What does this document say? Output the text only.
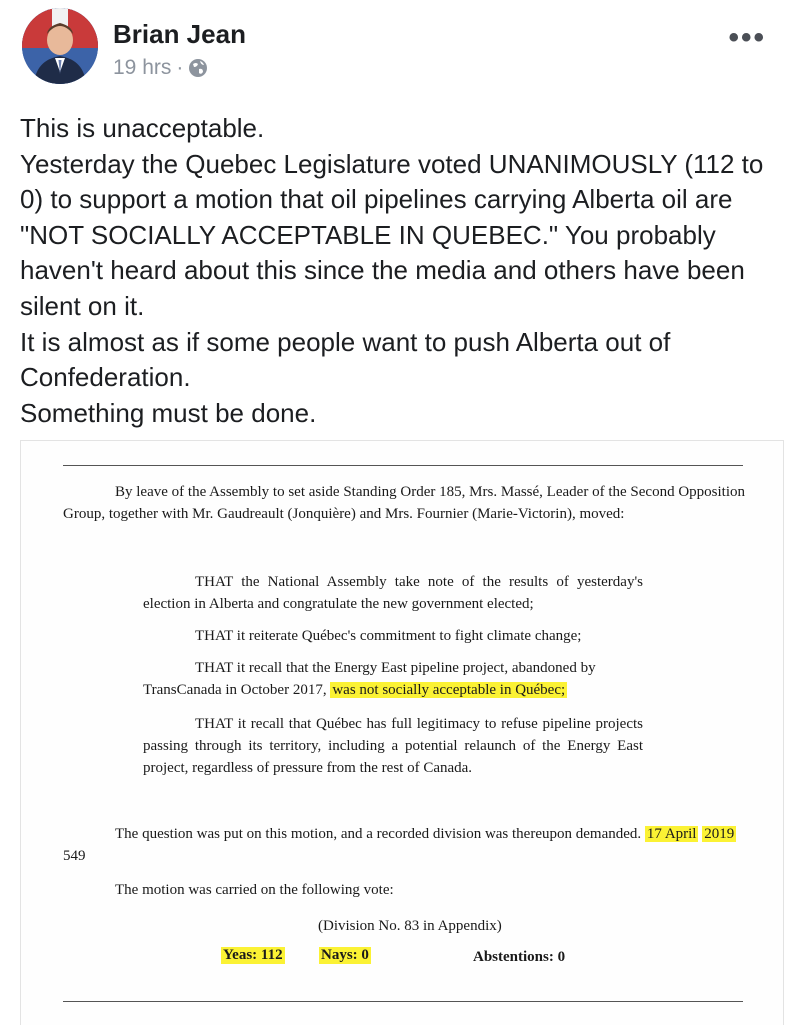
Brian Jean
19 hrs ·
•••

This is unacceptable.

Yesterday the Quebec Legislature voted UNANIMOUSLY (112 to 0) to support a motion that oil pipelines carrying Alberta oil are "NOT SOCIALLY ACCEPTABLE IN QUEBEC." You probably haven't heard about this since the media and others have been silent on it.

It is almost as if some people want to push Alberta out of Confederation.

Something must be done.

By leave of the Assembly to set aside Standing Order 185, Mrs. Massé, Leader of the Second Opposition Group, together with Mr. Gaudreault (Jonquière) and Mrs. Fournier (Marie-Victorin), moved:
THAT the National Assembly take note of the results of yesterday's election in Alberta and congratulate the new government elected;
THAT it reiterate Québec's commitment to fight climate change;
THAT it recall that the Energy East pipeline project, abandoned by TransCanada in October 2017, was not socially acceptable in Québec;
THAT it recall that Québec has full legitimacy to refuse pipeline projects passing through its territory, including a potential relaunch of the Energy East project, regardless of pressure from the rest of Canada.
The question was put on this motion, and a recorded division was thereupon demanded. 17 April 2019 549
The motion was carried on the following vote:
(Division No. 83 in Appendix)
Yeas: 112	Nays: 0	Abstentions: 0
